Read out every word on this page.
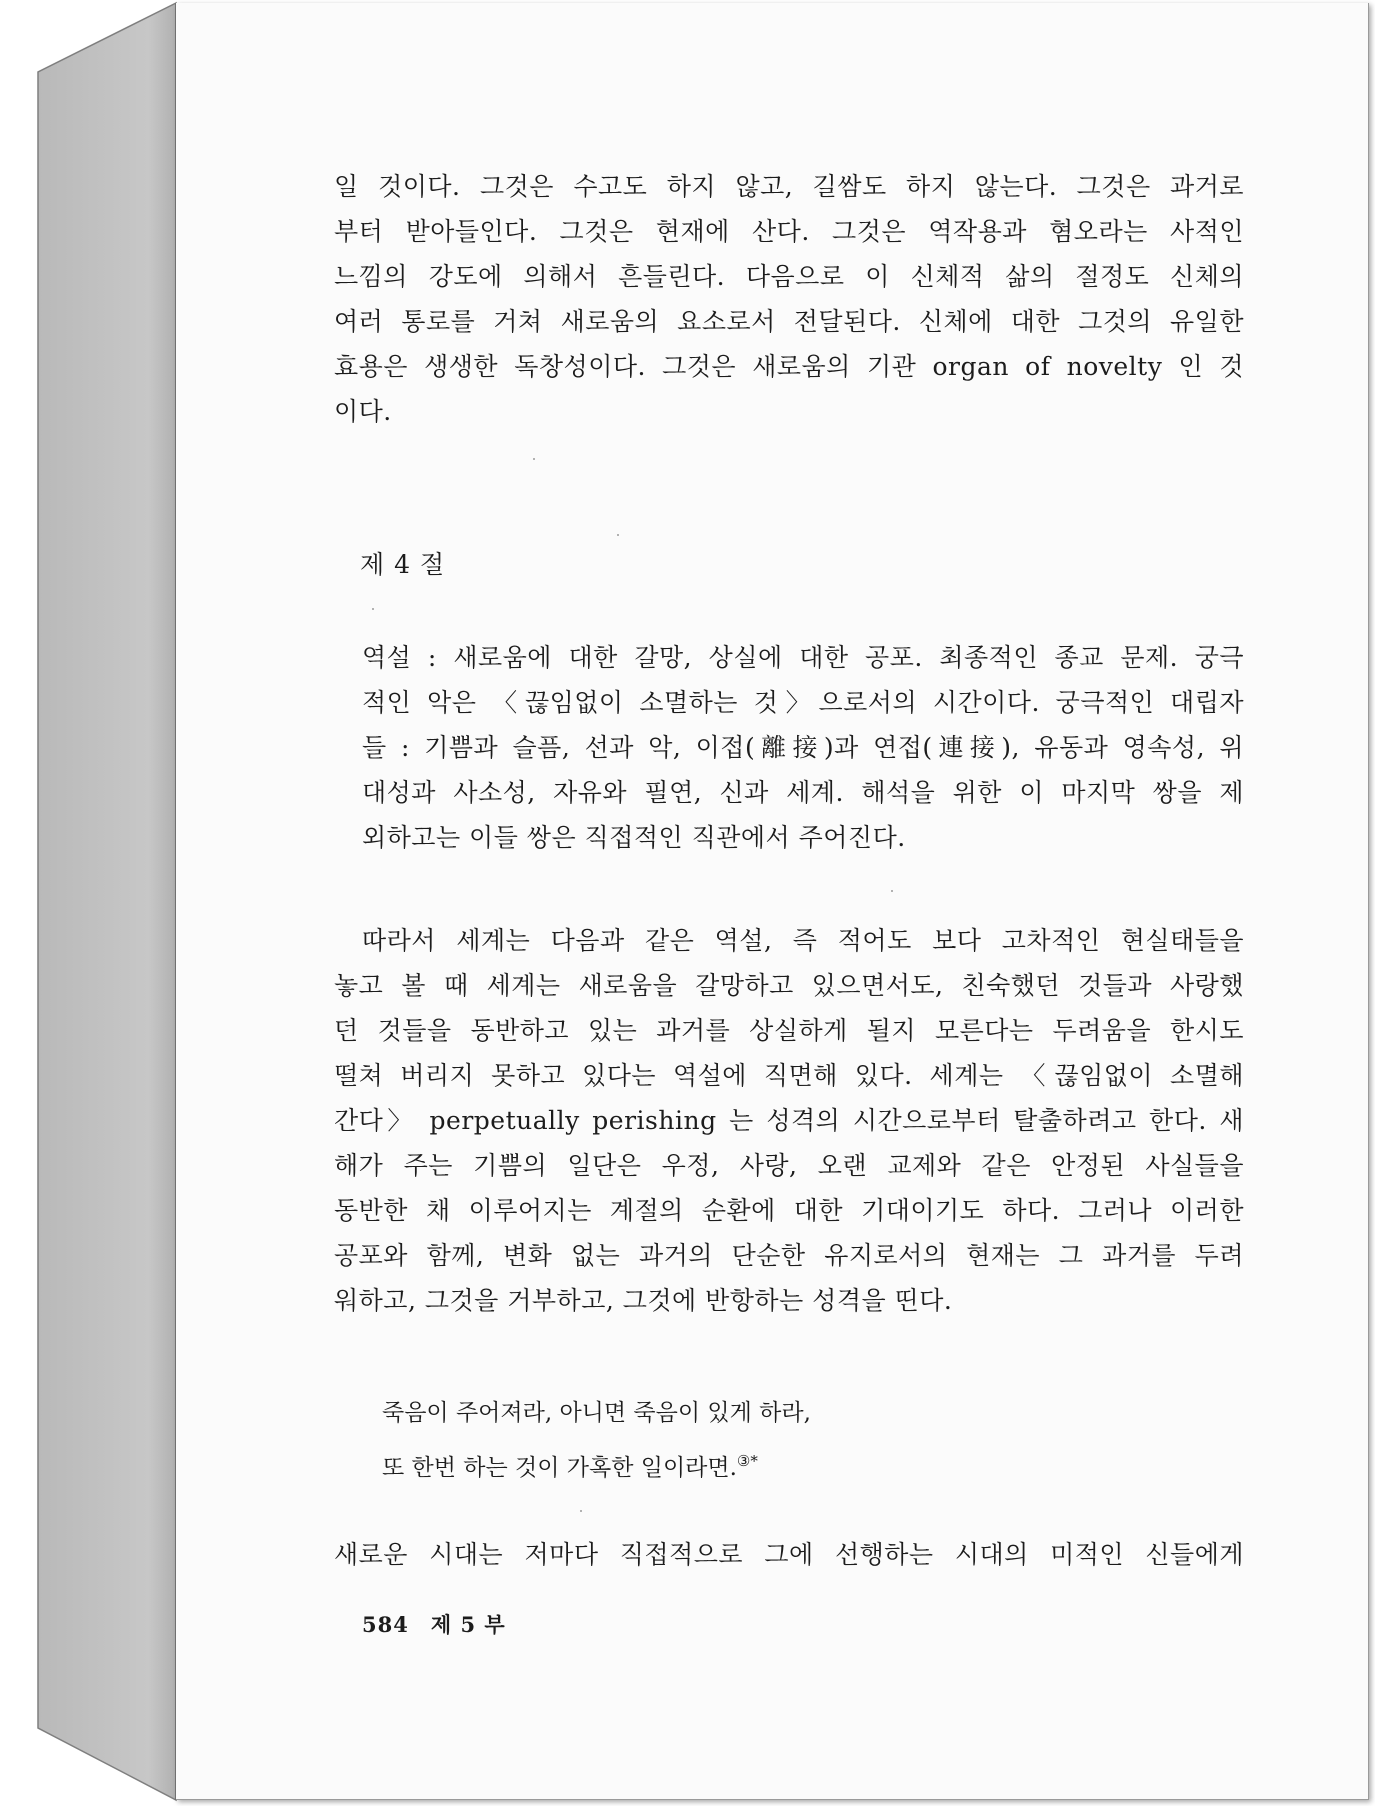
일 것이다. 그것은 수고도 하지 않고, 길쌈도 하지 않는다. 그것은 과거로
부터 받아들인다. 그것은 현재에 산다. 그것은 역작용과 혐오라는 사적인
느낌의 강도에 의해서 흔들린다. 다음으로 이 신체적 삶의 절정도 신체의
여러 통로를 거쳐 새로움의 요소로서 전달된다. 신체에 대한 그것의 유일한
효용은 생생한 독창성이다. 그것은 새로움의 기관 organ of novelty 인 것
이다.
제 4 절
역설 : 새로움에 대한 갈망, 상실에 대한 공포. 최종적인 종교 문제. 궁극
적인 악은 〈끊임없이 소멸하는 것〉으로서의 시간이다. 궁극적인 대립자
들 : 기쁨과 슬픔, 선과 악, 이접(離接)과 연접(連接), 유동과 영속성, 위
대성과 사소성, 자유와 필연, 신과 세계. 해석을 위한 이 마지막 쌍을 제
외하고는 이들 쌍은 직접적인 직관에서 주어진다.
따라서 세계는 다음과 같은 역설, 즉 적어도 보다 고차적인 현실태들을
놓고 볼 때 세계는 새로움을 갈망하고 있으면서도, 친숙했던 것들과 사랑했
던 것들을 동반하고 있는 과거를 상실하게 될지 모른다는 두려움을 한시도
떨쳐 버리지 못하고 있다는 역설에 직면해 있다. 세계는 〈끊임없이 소멸해
간다〉 perpetually perishing 는 성격의 시간으로부터 탈출하려고 한다. 새
해가 주는 기쁨의 일단은 우정, 사랑, 오랜 교제와 같은 안정된 사실들을
동반한 채 이루어지는 계절의 순환에 대한 기대이기도 하다. 그러나 이러한
공포와 함께, 변화 없는 과거의 단순한 유지로서의 현재는 그 과거를 두려
워하고, 그것을 거부하고, 그것에 반항하는 성격을 띤다.
죽음이 주어져라, 아니면 죽음이 있게 하라,
또 한번 하는 것이 가혹한 일이라면.③*
새로운 시대는 저마다 직접적으로 그에 선행하는 시대의 미적인 신들에게
584 제 5 부
